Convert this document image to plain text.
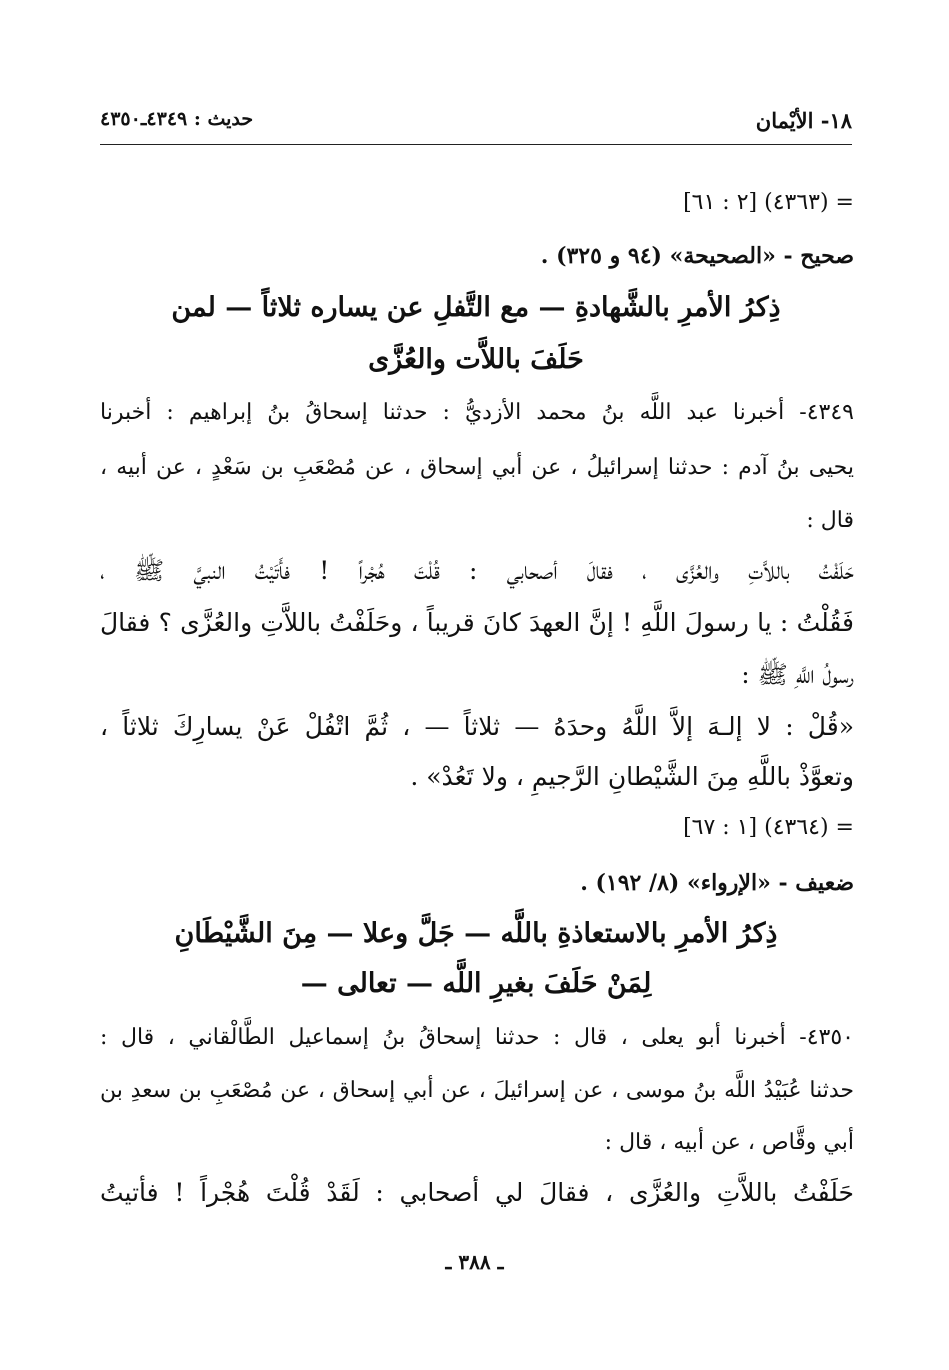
١٨- الأيْمان
حديث : ٤٣٤٩ـ٤٣٥٠
= (٤٣٦٣) [٢ : ٦١]
صحيح - «الصحيحة» (٩٤ و ٣٢٥) .
ذِكرُ الأمرِ بالشَّهادةِ — مع التَّفلِ عن يساره ثلاثاً — لمن
حَلَفَ باللاَّت والعُزَّى
٤٣٤٩- أخبرنا عبد اللَّه بنُ محمد الأزديُّ : حدثنا إسحاقُ بنُ إبراهيم : أخبرنا
يحيى بنُ آدم : حدثنا إسرائيلُ ، عن أبي إسحاق ، عن مُصْعَبِ بن سَعْدٍ ، عن أبيه ،
قال :
حَلَفْتُ باللاَّتِ والعُزَّى ، فقالَ أصحابي : قُلْتَ هُجْراً ! فأَتَيْتُ النبيَّ ﷺ ،
فَقُلْتُ : يا رسولَ اللَّهِ ! إنَّ العهدَ كانَ قريباً ، وحَلَفْتُ باللاَّتِ والعُزَّى ؟ فقالَ
رسولُ اللَّهِ ﷺ :
«قُلْ : لا إلـهَ إلاَّ اللَّهُ وحدَهُ — ثلاثاً — ، ثُمَّ اتْفُلْ عَنْ يسارِكَ ثلاثاً ،
وتعوَّذْ باللَّهِ مِنَ الشَّيْطانِ الرَّجيمِ ، ولا تَعُدْ» .
= (٤٣٦٤) [١ : ٦٧]
ضعيف - «الإرواء» (٨/ ١٩٢) .
ذِكرُ الأمرِ بالاستعاذةِ باللَّه — جَلَّ وعلا — مِنَ الشَّيْطَانِ
لِمَنْ حَلَفَ بغيرِ اللَّه — تعالى —
٤٣٥٠- أخبرنا أبو يعلى ، قال : حدثنا إسحاقُ بنُ إسماعيل الطَّالْقاني ، قال :
حدثنا عُبَيْدُ اللَّه بنُ موسى ، عن إسرائيلَ ، عن أبي إسحاق ، عن مُصْعَبِ بن سعدِ بن
أبي وقَّاص ، عن أبيه ، قال :
حَلَفْتُ باللاَّتِ والعُزَّى ، فقالَ لي أصحابي : لَقَدْ قُلْتَ هُجْراً ! فأتيتُ
ـ ٣٨٨ ـ
